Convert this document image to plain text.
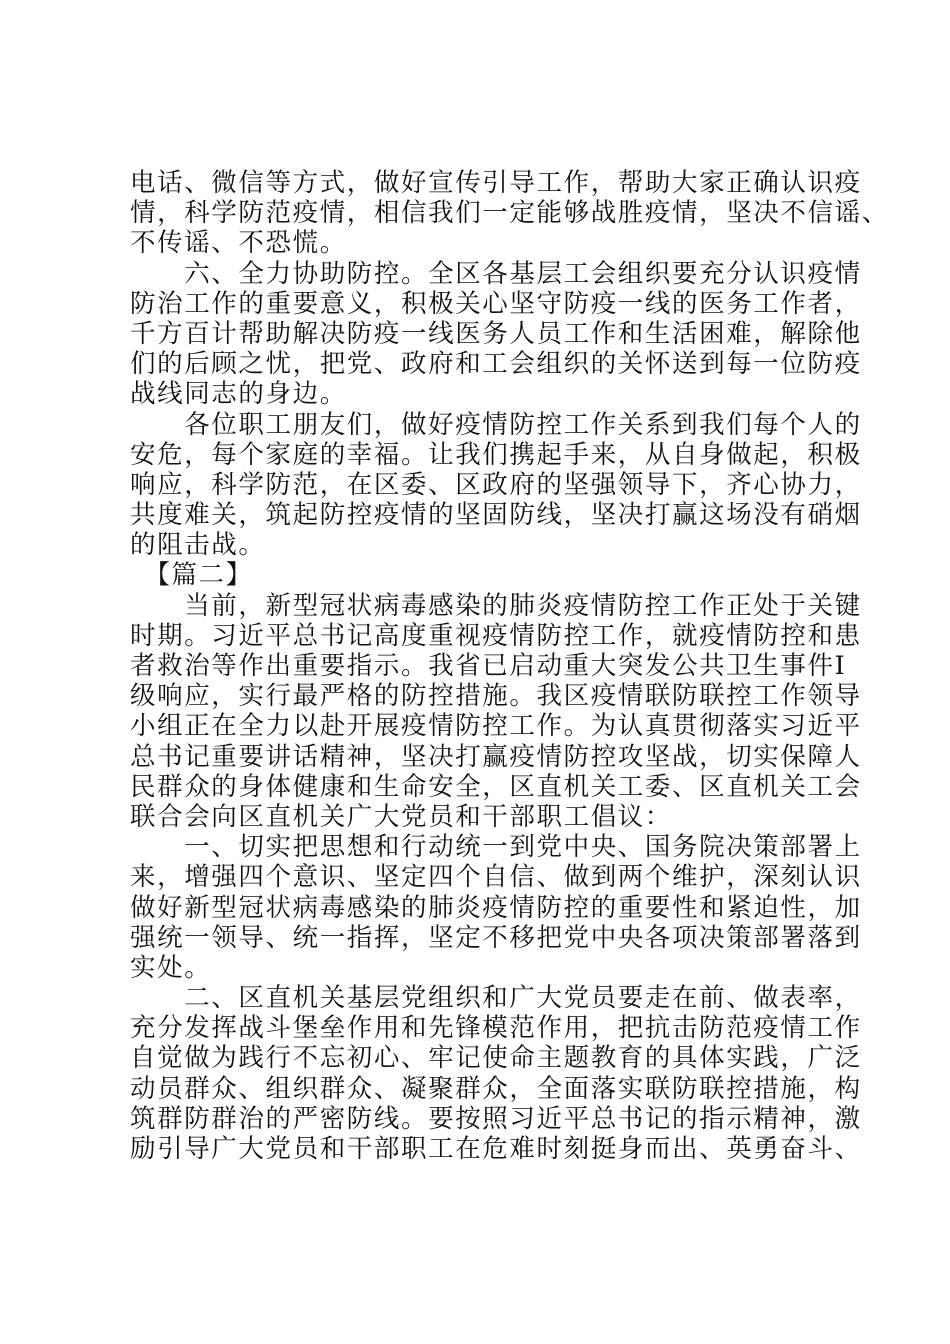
电话、微信等方式，做好宣传引导工作，帮助大家正确认识疫
情，科学防范疫情，相信我们一定能够战胜疫情，坚决不信谣、
不传谣、不恐慌。
　　六、全力协助防控。全区各基层工会组织要充分认识疫情
防治工作的重要意义，积极关心坚守防疫一线的医务工作者，
千方百计帮助解决防疫一线医务人员工作和生活困难，解除他
们的后顾之忧，把党、政府和工会组织的关怀送到每一位防疫
战线同志的身边。
　　各位职工朋友们，做好疫情防控工作关系到我们每个人的
安危，每个家庭的幸福。让我们携起手来，从自身做起，积极
响应，科学防范，在区委、区政府的坚强领导下，齐心协力，
共度难关，筑起防控疫情的坚固防线，坚决打赢这场没有硝烟
的阻击战。
　【篇二】
　　当前，新型冠状病毒感染的肺炎疫情防控工作正处于关键
时期。习近平总书记高度重视疫情防控工作，就疫情防控和患
者救治等作出重要指示。我省已启动重大突发公共卫生事件Ⅰ
级响应，实行最严格的防控措施。我区疫情联防联控工作领导
小组正在全力以赴开展疫情防控工作。为认真贯彻落实习近平
总书记重要讲话精神，坚决打赢疫情防控攻坚战，切实保障人
民群众的身体健康和生命安全，区直机关工委、区直机关工会
联合会向区直机关广大党员和干部职工倡议：
　　一、切实把思想和行动统一到党中央、国务院决策部署上
来，增强四个意识、坚定四个自信、做到两个维护，深刻认识
做好新型冠状病毒感染的肺炎疫情防控的重要性和紧迫性，加
强统一领导、统一指挥，坚定不移把党中央各项决策部署落到
实处。
　　二、区直机关基层党组织和广大党员要走在前、做表率，
充分发挥战斗堡垒作用和先锋模范作用，把抗击防范疫情工作
自觉做为践行不忘初心、牢记使命主题教育的具体实践，广泛
动员群众、组织群众、凝聚群众，全面落实联防联控措施，构
筑群防群治的严密防线。要按照习近平总书记的指示精神，激
励引导广大党员和干部职工在危难时刻挺身而出、英勇奋斗、
